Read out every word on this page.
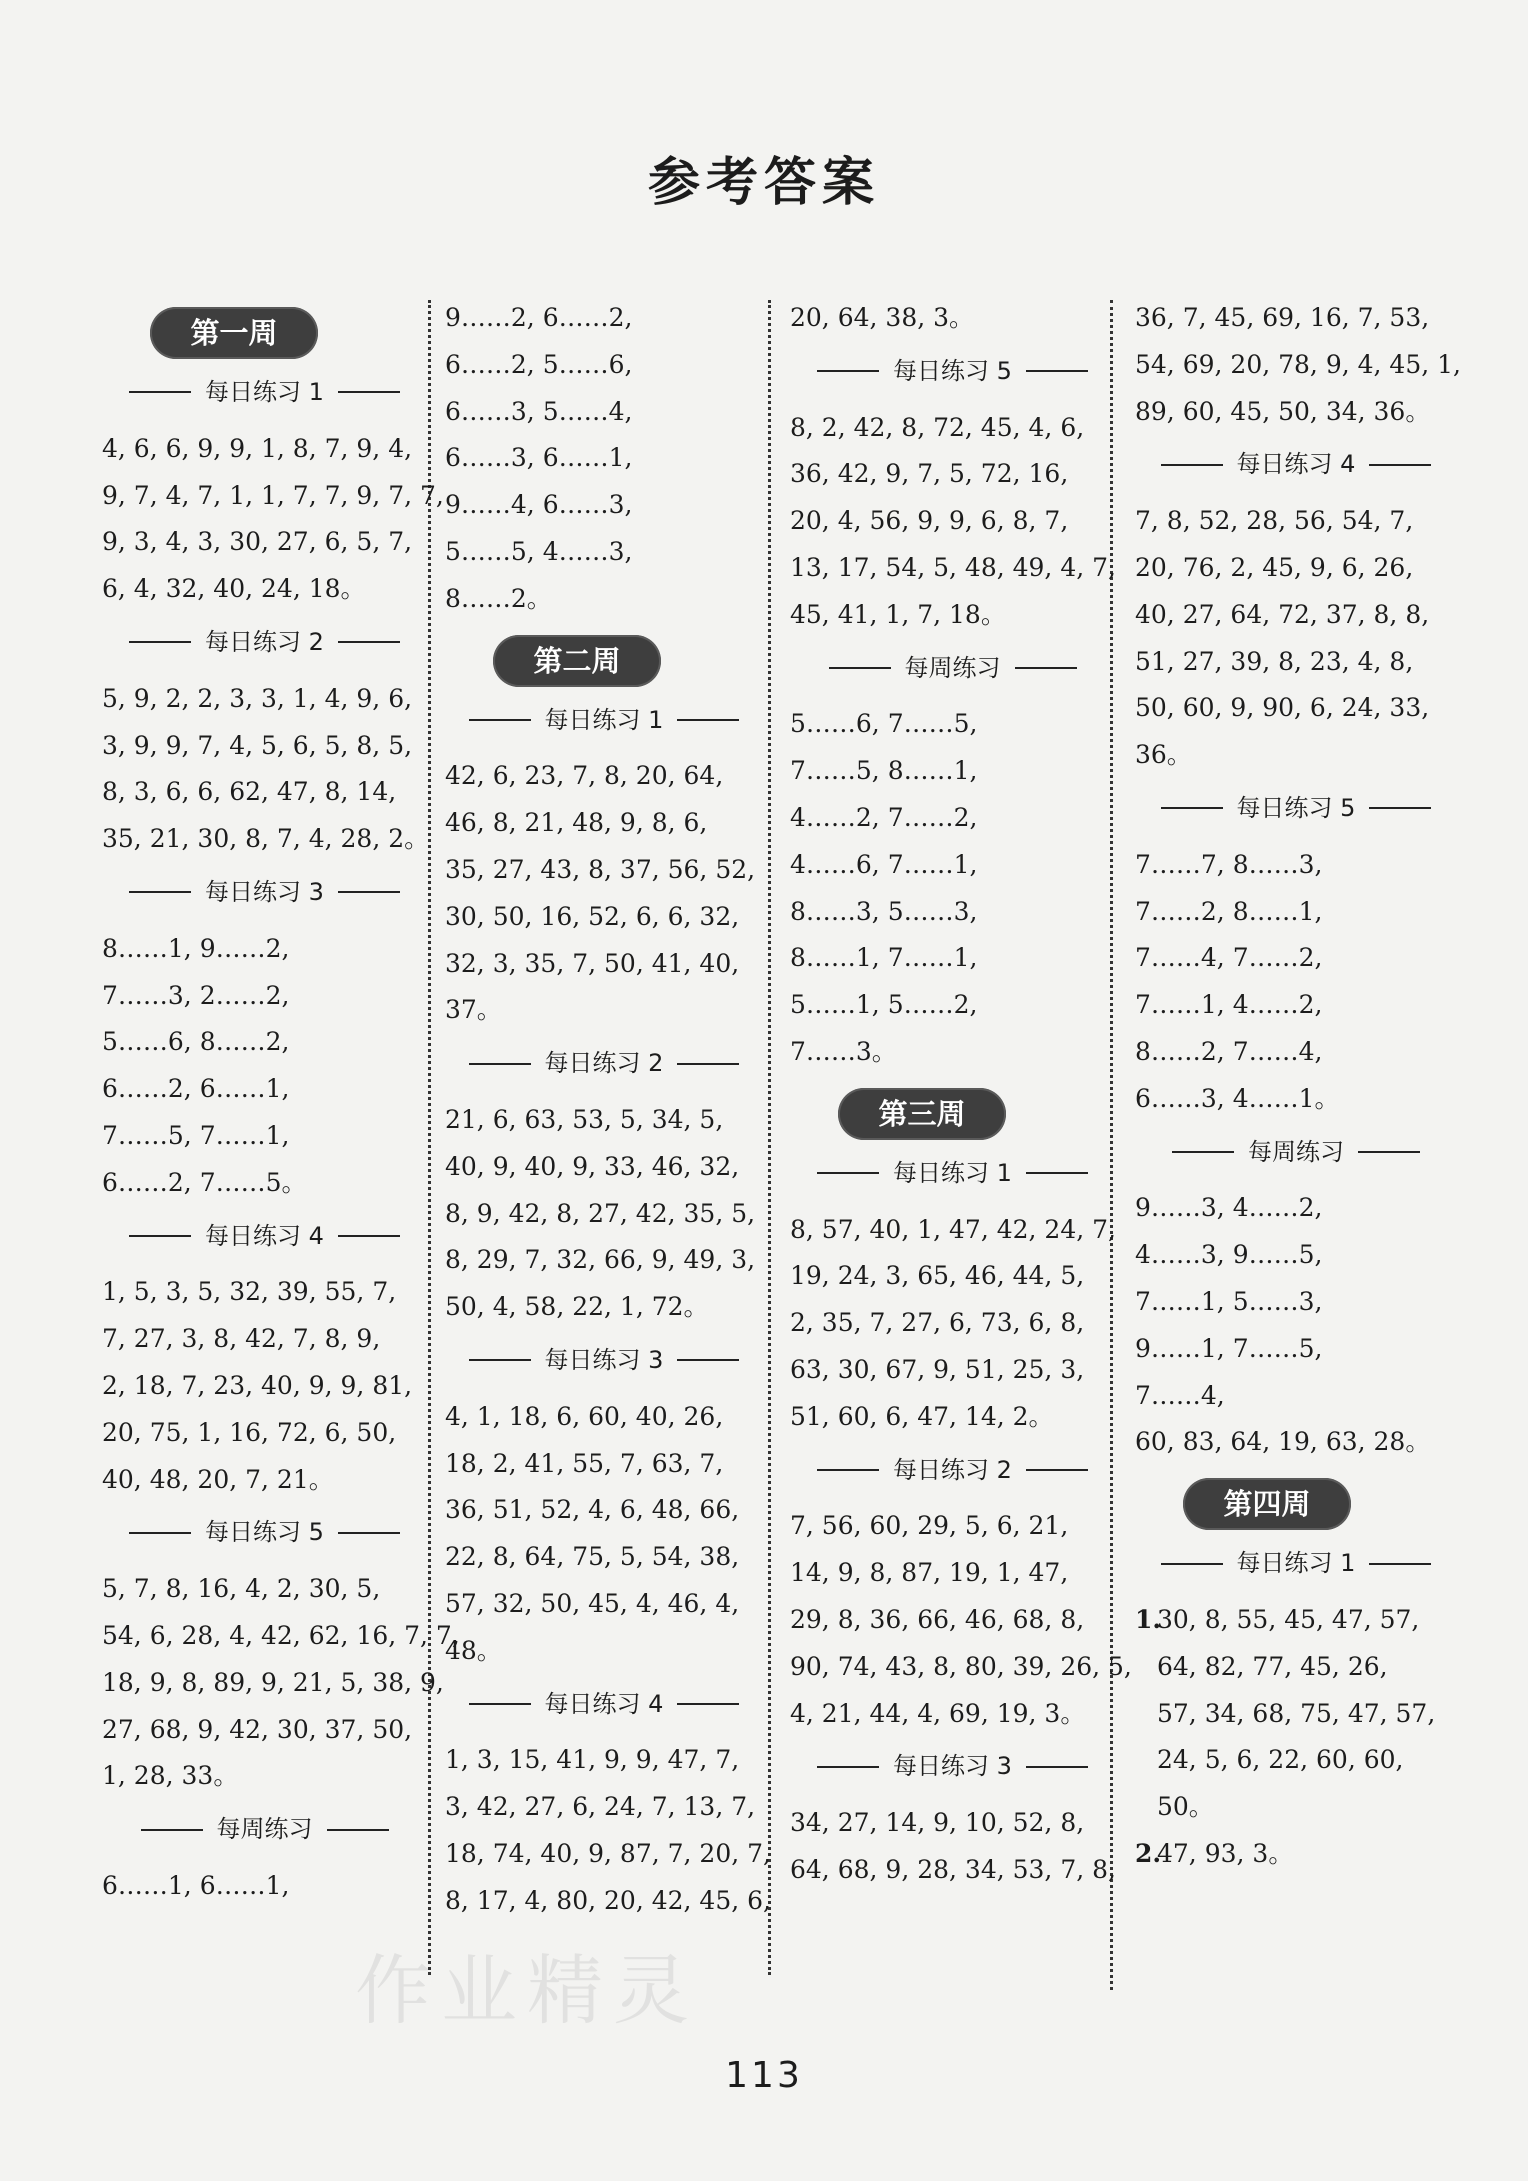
参考答案
第一周
每日练习 1
4, 6, 6, 9, 9, 1, 8, 7, 9, 4,
9, 7, 4, 7, 1, 1, 7, 7, 9, 7, 7,
9, 3, 4, 3, 30, 27, 6, 5, 7,
6, 4, 32, 40, 24, 18。
每日练习 2
5, 9, 2, 2, 3, 3, 1, 4, 9, 6,
3, 9, 9, 7, 4, 5, 6, 5, 8, 5,
8, 3, 6, 6, 62, 47, 8, 14,
35, 21, 30, 8, 7, 4, 28, 2。
每日练习 3
8……1, 9……2,
7……3, 2……2,
5……6, 8……2,
6……2, 6……1,
7……5, 7……1,
6……2, 7……5。
每日练习 4
1, 5, 3, 5, 32, 39, 55, 7,
7, 27, 3, 8, 42, 7, 8, 9,
2, 18, 7, 23, 40, 9, 9, 81,
20, 75, 1, 16, 72, 6, 50,
40, 48, 20, 7, 21。
每日练习 5
5, 7, 8, 16, 4, 2, 30, 5,
54, 6, 28, 4, 42, 62, 16, 7, 7,
18, 9, 8, 89, 9, 21, 5, 38, 9,
27, 68, 9, 42, 30, 37, 50,
1, 28, 33。
每周练习
6……1, 6……1,
9……2, 6……2,
6……2, 5……6,
6……3, 5……4,
6……3, 6……1,
9……4, 6……3,
5……5, 4……3,
8……2。
第二周
每日练习 1
42, 6, 23, 7, 8, 20, 64,
46, 8, 21, 48, 9, 8, 6,
35, 27, 43, 8, 37, 56, 52,
30, 50, 16, 52, 6, 6, 32,
32, 3, 35, 7, 50, 41, 40,
37。
每日练习 2
21, 6, 63, 53, 5, 34, 5,
40, 9, 40, 9, 33, 46, 32,
8, 9, 42, 8, 27, 42, 35, 5,
8, 29, 7, 32, 66, 9, 49, 3,
50, 4, 58, 22, 1, 72。
每日练习 3
4, 1, 18, 6, 60, 40, 26,
18, 2, 41, 55, 7, 63, 7,
36, 51, 52, 4, 6, 48, 66,
22, 8, 64, 75, 5, 54, 38,
57, 32, 50, 45, 4, 46, 4,
48。
每日练习 4
1, 3, 15, 41, 9, 9, 47, 7,
3, 42, 27, 6, 24, 7, 13, 7,
18, 74, 40, 9, 87, 7, 20, 7,
8, 17, 4, 80, 20, 42, 45, 6,
20, 64, 38, 3。
每日练习 5
8, 2, 42, 8, 72, 45, 4, 6,
36, 42, 9, 7, 5, 72, 16,
20, 4, 56, 9, 9, 6, 8, 7,
13, 17, 54, 5, 48, 49, 4, 7,
45, 41, 1, 7, 18。
每周练习
5……6, 7……5,
7……5, 8……1,
4……2, 7……2,
4……6, 7……1,
8……3, 5……3,
8……1, 7……1,
5……1, 5……2,
7……3。
第三周
每日练习 1
8, 57, 40, 1, 47, 42, 24, 7,
19, 24, 3, 65, 46, 44, 5,
2, 35, 7, 27, 6, 73, 6, 8,
63, 30, 67, 9, 51, 25, 3,
51, 60, 6, 47, 14, 2。
每日练习 2
7, 56, 60, 29, 5, 6, 21,
14, 9, 8, 87, 19, 1, 47,
29, 8, 36, 66, 46, 68, 8,
90, 74, 43, 8, 80, 39, 26, 5,
4, 21, 44, 4, 69, 19, 3。
每日练习 3
34, 27, 14, 9, 10, 52, 8,
64, 68, 9, 28, 34, 53, 7, 8,
36, 7, 45, 69, 16, 7, 53,
54, 69, 20, 78, 9, 4, 45, 1,
89, 60, 45, 50, 34, 36。
每日练习 4
7, 8, 52, 28, 56, 54, 7,
20, 76, 2, 45, 9, 6, 26,
40, 27, 64, 72, 37, 8, 8,
51, 27, 39, 8, 23, 4, 8,
50, 60, 9, 90, 6, 24, 33,
36。
每日练习 5
7……7, 8……3,
7……2, 8……1,
7……4, 7……2,
7……1, 4……2,
8……2, 7……4,
6……3, 4……1。
每周练习
9……3, 4……2,
4……3, 9……5,
7……1, 5……3,
9……1, 7……5,
7……4,
60, 83, 64, 19, 63, 28。
第四周
每日练习 1
1.
30, 8, 55, 45, 47, 57,
64, 82, 77, 45, 26,
57, 34, 68, 75, 47, 57,
24, 5, 6, 22, 60, 60,
50。
2.
47, 93, 3。
作业精灵
113
